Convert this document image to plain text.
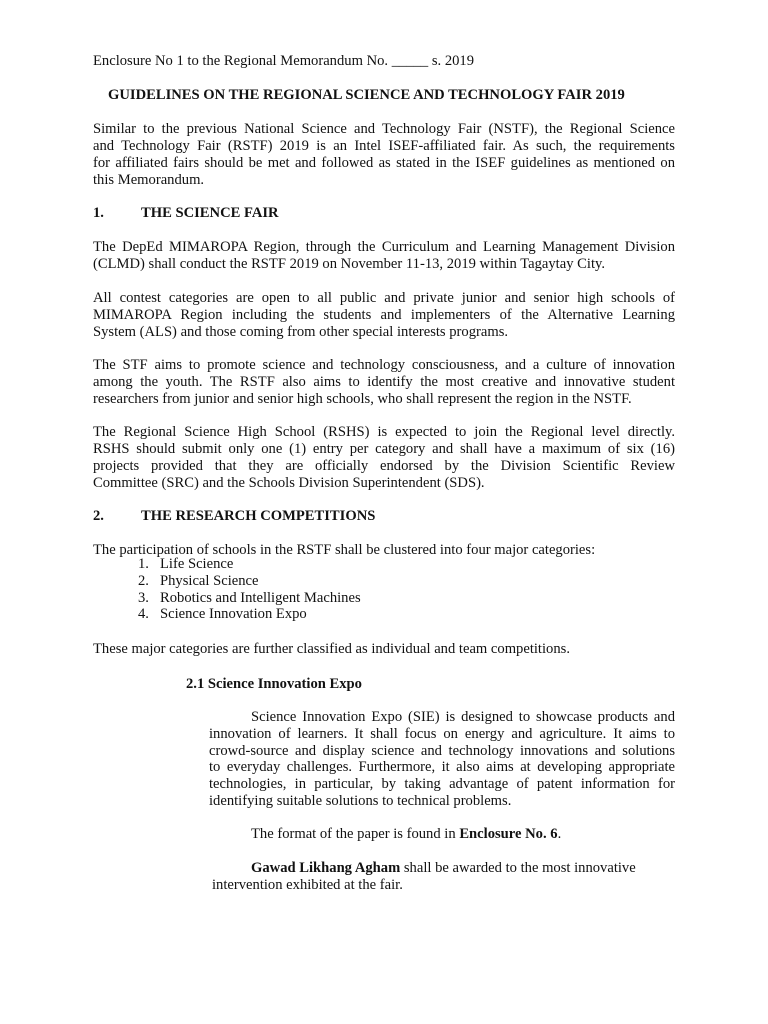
Enclosure No 1 to the Regional Memorandum No. _____ s. 2019
GUIDELINES ON THE REGIONAL SCIENCE AND TECHNOLOGY FAIR 2019
Similar to the previous National Science and Technology Fair (NSTF), the Regional Science
and Technology Fair (RSTF) 2019 is an Intel ISEF-affiliated fair. As such, the requirements
for affiliated fairs should be met and followed as stated in the ISEF guidelines as mentioned on
this Memorandum.
1.	THE SCIENCE FAIR
The DepEd MIMAROPA Region, through the Curriculum and Learning Management Division
(CLMD) shall conduct the RSTF 2019 on November 11-13, 2019 within Tagaytay City.
All contest categories are open to all public and private junior and senior high schools of
MIMAROPA Region including the students and implementers of the Alternative Learning
System (ALS) and those coming from other special interests programs.
The STF aims to promote science and technology consciousness, and a culture of innovation
among the youth. The RSTF also aims to identify the most creative and innovative student
researchers from junior and senior high schools, who shall represent the region in the NSTF.
The Regional Science High School (RSHS) is expected to join the Regional level directly.
RSHS should submit only one (1) entry per category and shall have a maximum of six (16)
projects provided that they are officially endorsed by the Division Scientific Review
Committee (SRC) and the Schools Division Superintendent (SDS).
2.	THE RESEARCH COMPETITIONS
The participation of schools in the RSTF shall be clustered into four major categories:
1. Life Science
2. Physical Science
3. Robotics and Intelligent Machines
4. Science Innovation Expo
These major categories are further classified as individual and team competitions.
2.1 Science Innovation Expo
Science Innovation Expo (SIE) is designed to showcase products and
innovation of learners. It shall focus on energy and agriculture. It aims to
crowd-source and display science and technology innovations and solutions
to everyday challenges. Furthermore, it also aims at developing appropriate
technologies, in particular, by taking advantage of patent information for
identifying suitable solutions to technical problems.
The format of the paper is found in Enclosure No. 6.
Gawad Likhang Agham shall be awarded to the most innovative
intervention exhibited at the fair.
